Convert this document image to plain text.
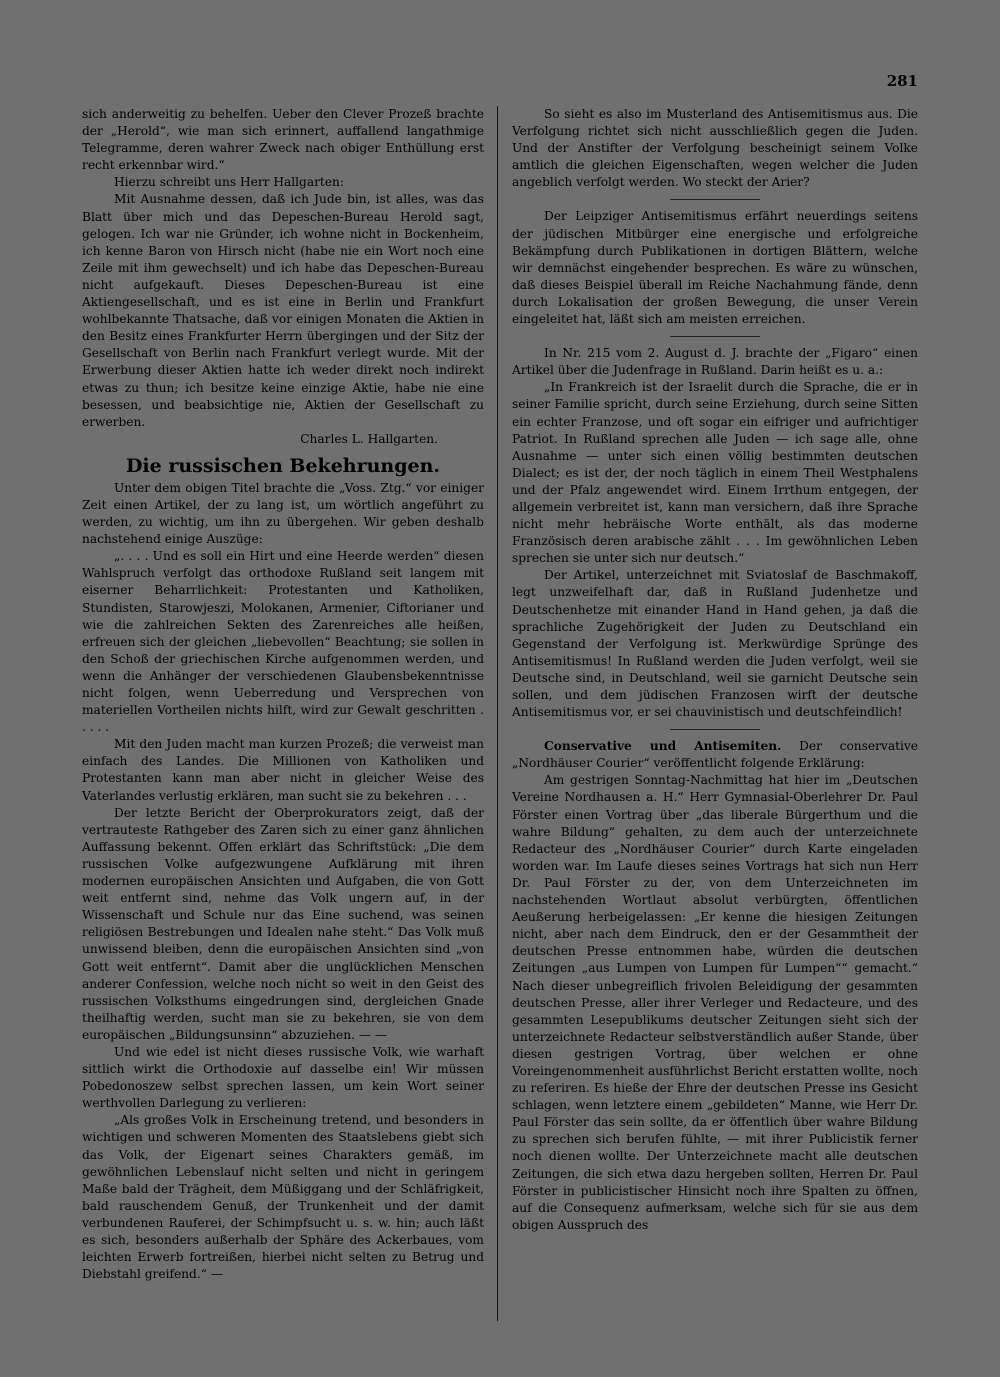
281

sich anderweitig zu behelfen. Ueber den Clever Prozeß brachte der „Herold“, wie man sich erinnert, auffallend langathmige Telegramme, deren wahrer Zweck nach obiger Enthüllung erst recht erkennbar wird.“

Hierzu schreibt uns Herr Hallgarten:

Mit Ausnahme dessen, daß ich Jude bin, ist alles, was das Blatt über mich und das Depeschen-Bureau Herold sagt, gelogen. Ich war nie Gründer, ich wohne nicht in Bockenheim, ich kenne Baron von Hirsch nicht (habe nie ein Wort noch eine Zeile mit ihm gewechselt) und ich habe das Depeschen-Bureau nicht aufgekauft. Dieses Depeschen-Bureau ist eine Aktiengesellschaft, und es ist eine in Berlin und Frankfurt wohlbekannte Thatsache, daß vor einigen Monaten die Aktien in den Besitz eines Frankfurter Herrn übergingen und der Sitz der Gesellschaft von Berlin nach Frankfurt verlegt wurde. Mit der Erwerbung dieser Aktien hatte ich weder direkt noch indirekt etwas zu thun; ich besitze keine einzige Aktie, habe nie eine besessen, und beabsichtige nie, Aktien der Gesellschaft zu erwerben.

Charles L. Hallgarten.

Die russischen Bekehrungen.

Unter dem obigen Titel brachte die „Voss. Ztg.“ vor einiger Zeit einen Artikel, der zu lang ist, um wörtlich angeführt zu werden, zu wichtig, um ihn zu übergehen. Wir geben deshalb nachstehend einige Auszüge:

„. . . . Und es soll ein Hirt und eine Heerde werden“ diesen Wahlspruch verfolgt das orthodoxe Rußland seit langem mit eiserner Beharrlichkeit: Protestanten und Katholiken, Stundisten, Starowjeszi, Molokanen, Armenier, Ciftorianer und wie die zahlreichen Sekten des Zarenreiches alle heißen, erfreuen sich der gleichen „liebevollen“ Beachtung; sie sollen in den Schoß der griechischen Kirche aufgenommen werden, und wenn die Anhänger der verschiedenen Glaubensbekenntnisse nicht folgen, wenn Ueberredung und Versprechen von materiellen Vortheilen nichts hilft, wird zur Gewalt geschritten . . . . .

Mit den Juden macht man kurzen Prozeß; die verweist man einfach des Landes. Die Millionen von Katholiken und Protestanten kann man aber nicht in gleicher Weise des Vaterlandes verlustig erklären, man sucht sie zu bekehren . . .

Der letzte Bericht der Oberprokurators zeigt, daß der vertrauteste Rathgeber des Zaren sich zu einer ganz ähnlichen Auffassung bekennt. Offen erklärt das Schriftstück: „Die dem russischen Volke aufgezwungene Aufklärung mit ihren modernen europäischen Ansichten und Aufgaben, die von Gott weit entfernt sind, nehme das Volk ungern auf, in der Wissenschaft und Schule nur das Eine suchend, was seinen religiösen Bestrebungen und Idealen nahe steht.“ Das Volk muß unwissend bleiben, denn die europäischen Ansichten sind „von Gott weit entfernt“. Damit aber die unglücklichen Menschen anderer Confession, welche noch nicht so weit in den Geist des russischen Volksthums eingedrungen sind, dergleichen Gnade theilhaftig werden, sucht man sie zu bekehren, sie von dem europäischen „Bildungsunsinn“ abzuziehen. — —

Und wie edel ist nicht dieses russische Volk, wie warhaft sittlich wirkt die Orthodoxie auf dasselbe ein! Wir müssen Pobedonoszew selbst sprechen lassen, um kein Wort seiner werthvollen Darlegung zu verlieren:

„Als großes Volk in Erscheinung tretend, und besonders in wichtigen und schweren Momenten des Staatslebens giebt sich das Volk, der Eigenart seines Charakters gemäß, im gewöhnlichen Lebenslauf nicht selten und nicht in geringem Maße bald der Trägheit, dem Müßiggang und der Schläfrigkeit, bald rauschendem Genuß, der Trunkenheit und der damit verbundenen Rauferei, der Schimpfsucht u. s. w. hin; auch läßt es sich, besonders außerhalb der Sphäre des Ackerbaues, vom leichten Erwerb fortreißen, hierbei nicht selten zu Betrug und Diebstahl greifend.“ —

So sieht es also im Musterland des Antisemitismus aus. Die Verfolgung richtet sich nicht ausschließlich gegen die Juden. Und der Anstifter der Verfolgung bescheinigt seinem Volke amtlich die gleichen Eigenschaften, wegen welcher die Juden angeblich verfolgt werden. Wo steckt der Arier?

Der Leipziger Antisemitismus erfährt neuerdings seitens der jüdischen Mitbürger eine energische und erfolgreiche Bekämpfung durch Publikationen in dortigen Blättern, welche wir demnächst eingehender besprechen. Es wäre zu wünschen, daß dieses Beispiel überall im Reiche Nachahmung fände, denn durch Lokalisation der großen Bewegung, die unser Verein eingeleitet hat, läßt sich am meisten erreichen.

In Nr. 215 vom 2. August d. J. brachte der „Figaro“ einen Artikel über die Judenfrage in Rußland. Darin heißt es u. a.:

„In Frankreich ist der Israelit durch die Sprache, die er in seiner Familie spricht, durch seine Erziehung, durch seine Sitten ein echter Franzose, und oft sogar ein eifriger und aufrichtiger Patriot. In Rußland sprechen alle Juden — ich sage alle, ohne Ausnahme — unter sich einen völlig bestimmten deutschen Dialect; es ist der, der noch täglich in einem Theil Westphalens und der Pfalz angewendet wird. Einem Irrthum entgegen, der allgemein verbreitet ist, kann man versichern, daß ihre Sprache nicht mehr hebräische Worte enthält, als das moderne Französisch deren arabische zählt . . . Im gewöhnlichen Leben sprechen sie unter sich nur deutsch.“

Der Artikel, unterzeichnet mit Sviatoslaf de Baschmakoff, legt unzweifelhaft dar, daß in Rußland Judenhetze und Deutschenhetze mit einander Hand in Hand gehen, ja daß die sprachliche Zugehörigkeit der Juden zu Deutschland ein Gegenstand der Verfolgung ist. Merkwürdige Sprünge des Antisemitismus! In Rußland werden die Juden verfolgt, weil sie Deutsche sind, in Deutschland, weil sie garnicht Deutsche sein sollen, und dem jüdischen Franzosen wirft der deutsche Antisemitismus vor, er sei chauvinistisch und deutschfeindlich!

Conservative und Antisemiten. Der conservative „Nordhäuser Courier“ veröffentlicht folgende Erklärung:

Am gestrigen Sonntag-Nachmittag hat hier im „Deutschen Vereine Nordhausen a. H.“ Herr Gymnasial-Oberlehrer Dr. Paul Förster einen Vortrag über „das liberale Bürgerthum und die wahre Bildung“ gehalten, zu dem auch der unterzeichnete Redacteur des „Nordhäuser Courier“ durch Karte eingeladen worden war. Im Laufe dieses seines Vortrags hat sich nun Herr Dr. Paul Förster zu der, von dem Unterzeichneten im nachstehenden Wortlaut absolut verbürgten, öffentlichen Aeußerung herbeigelassen: „Er kenne die hiesigen Zeitungen nicht, aber nach dem Eindruck, den er der Gesammtheit der deutschen Presse entnommen habe, würden die deutschen Zeitungen „aus Lumpen von Lumpen für Lumpen““ gemacht.“ Nach dieser unbegreiflich frivolen Beleidigung der gesammten deutschen Presse, aller ihrer Verleger und Redacteure, und des gesammten Lesepublikums deutscher Zeitungen sieht sich der unterzeichnete Redacteur selbstverständlich außer Stande, über diesen gestrigen Vortrag, über welchen er ohne Voreingenommenheit ausführlichst Bericht erstatten wollte, noch zu referiren. Es hieße der Ehre der deutschen Presse ins Gesicht schlagen, wenn letztere einem „gebildeten“ Manne, wie Herr Dr. Paul Förster das sein sollte, da er öffentlich über wahre Bildung zu sprechen sich berufen fühlte, — mit ihrer Publicistik ferner noch dienen wollte. Der Unterzeichnete macht alle deutschen Zeitungen, die sich etwa dazu hergeben sollten, Herren Dr. Paul Förster in publicistischer Hinsicht noch ihre Spalten zu öffnen, auf die Consequenz aufmerksam, welche sich für sie aus dem obigen Ausspruch des
